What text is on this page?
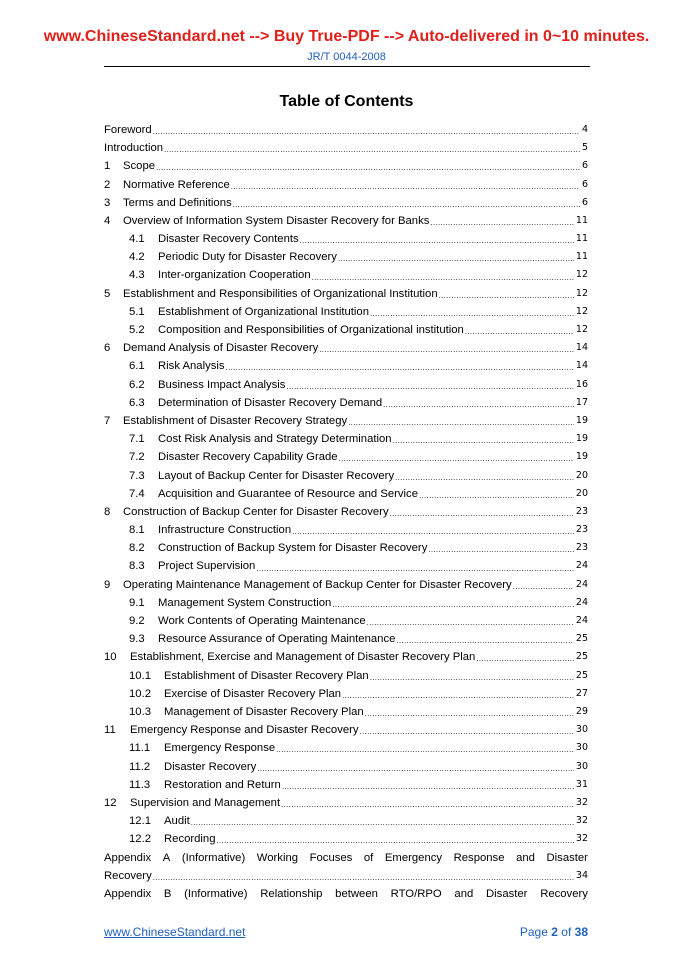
www.ChineseStandard.net --> Buy True-PDF --> Auto-delivered in 0~10 minutes.
JR/T 0044-2008
Table of Contents
Foreword .....	4
Introduction .....	5
1	Scope .....	6
2	Normative Reference .....	6
3	Terms and Definitions .....	6
4	Overview of Information System Disaster Recovery for Banks .....	11
4.1	Disaster Recovery Contents .....	11
4.2	Periodic Duty for Disaster Recovery .....	11
4.3	Inter-organization Cooperation .....	12
5	Establishment and Responsibilities of Organizational Institution .....	12
5.1	Establishment of Organizational Institution .....	12
5.2	Composition and Responsibilities of Organizational institution .....	12
6	Demand Analysis of Disaster Recovery .....	14
6.1	Risk Analysis .....	14
6.2	Business Impact Analysis .....	16
6.3	Determination of Disaster Recovery Demand .....	17
7	Establishment of Disaster Recovery Strategy .....	19
7.1	Cost Risk Analysis and Strategy Determination .....	19
7.2	Disaster Recovery Capability Grade .....	19
7.3	Layout of Backup Center for Disaster Recovery .....	20
7.4	Acquisition and Guarantee of Resource and Service .....	20
8	Construction of Backup Center for Disaster Recovery .....	23
8.1	Infrastructure Construction .....	23
8.2	Construction of Backup System for Disaster Recovery .....	23
8.3	Project Supervision .....	24
9	Operating Maintenance Management of Backup Center for Disaster Recovery .....	24
9.1	Management System Construction .....	24
9.2	Work Contents of Operating Maintenance .....	24
9.3	Resource Assurance of Operating Maintenance .....	25
10	Establishment, Exercise and Management of Disaster Recovery Plan .....	25
10.1	Establishment of Disaster Recovery Plan .....	25
10.2	Exercise of Disaster Recovery Plan .....	27
10.3	Management of Disaster Recovery Plan .....	29
11	Emergency Response and Disaster Recovery .....	30
11.1	Emergency Response .....	30
11.2	Disaster Recovery .....	30
11.3	Restoration and Return .....	31
12	Supervision and Management .....	32
12.1	Audit .....	32
12.2	Recording .....	32
Appendix A (Informative) Working Focuses of Emergency Response and Disaster
Recovery .....	34
Appendix B (Informative) Relationship between RTO/RPO and Disaster Recovery
www.ChineseStandard.net	Page 2 of 38
